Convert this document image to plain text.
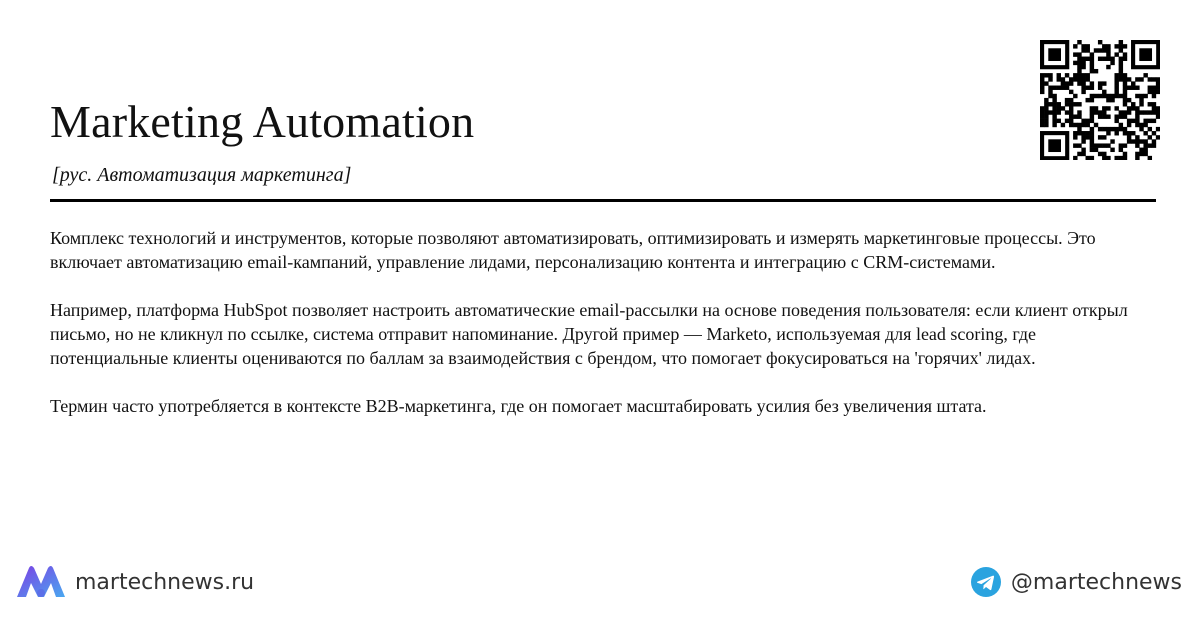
Marketing Automation
[рус. Автоматизация маркетинга]

Комплекс технологий и инструментов, которые позволяют автоматизировать, оптимизировать и измерять маркетинговые процессы. Это включает автоматизацию email-кампаний, управление лидами, персонализацию контента и интеграцию с CRM-системами.

Например, платформа HubSpot позволяет настроить автоматические email-рассылки на основе поведения пользователя: если клиент открыл письмо, но не кликнул по ссылке, система отправит напоминание. Другой пример — Marketo, используемая для lead scoring, где потенциальные клиенты оцениваются по баллам за взаимодействия с брендом, что помогает фокусироваться на 'горячих' лидах.

Термин часто употребляется в контексте B2B-маркетинга, где он помогает масштабировать усилия без увеличения штата.

martechnews.ru	@martechnews
